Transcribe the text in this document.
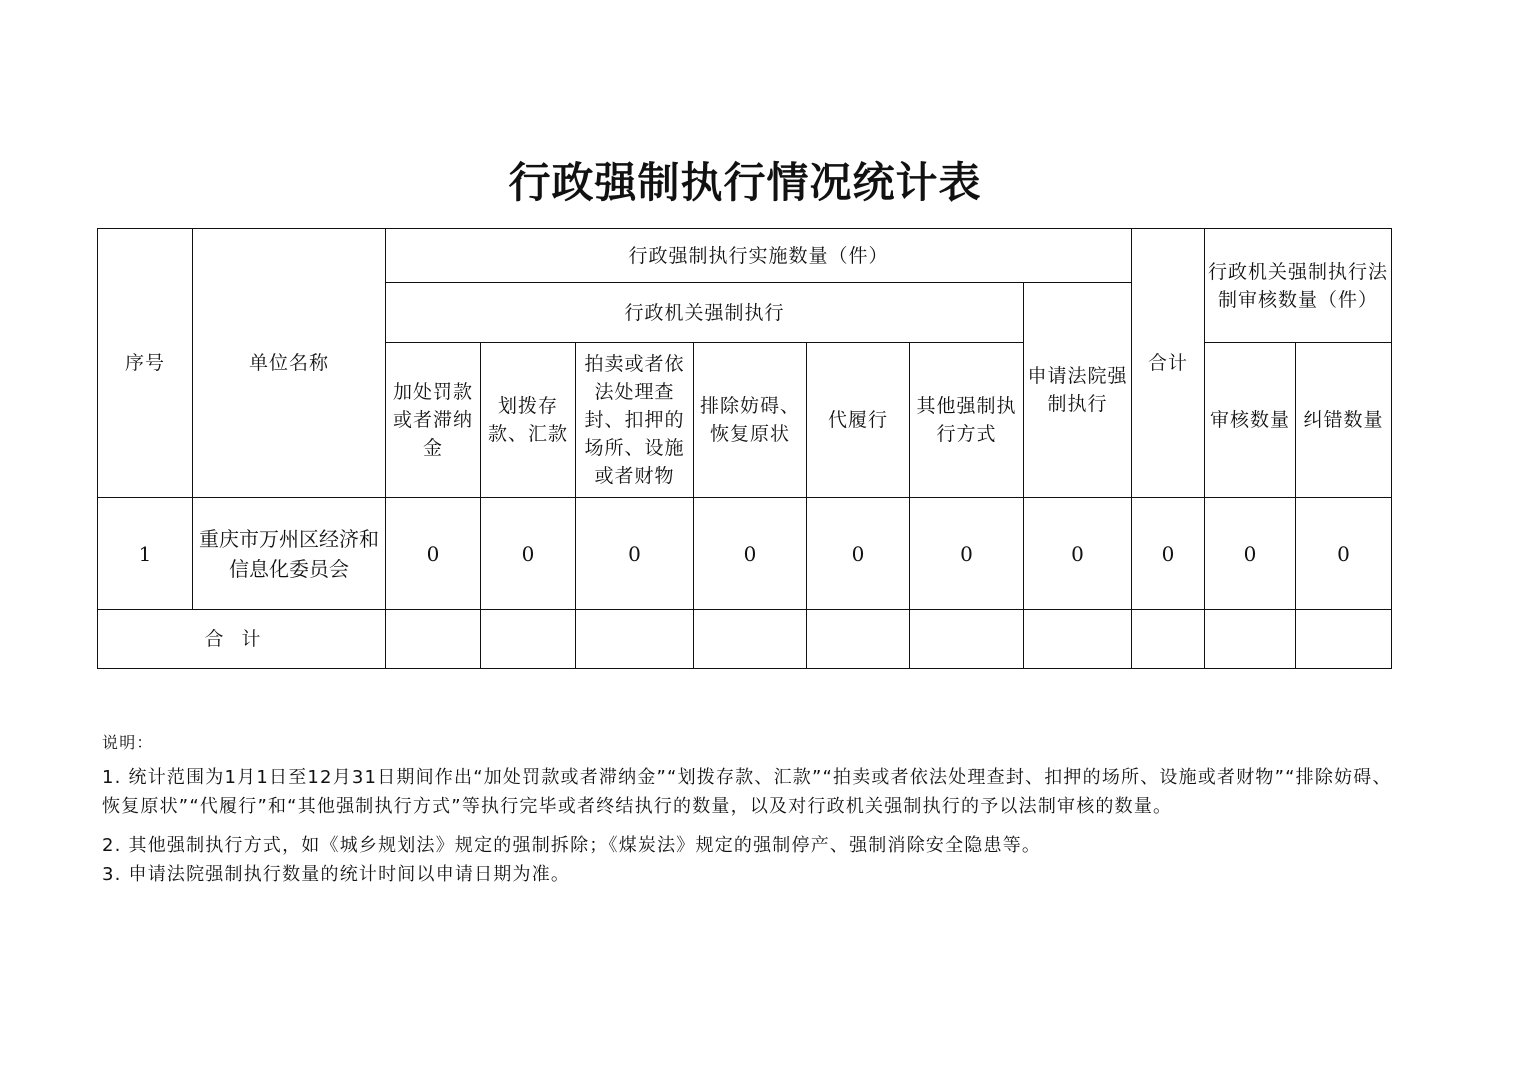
行政强制执行情况统计表
序号	单位名称	行政强制执行实施数量（件）							合计	行政机关强制执行法制审核数量（件）	
		行政机关强制执行						申请法院强制执行			
		加处罚款或者滞纳金	划拨存款、汇款	拍卖或者依法处理查封、扣押的场所、设施或者财物	排除妨碍、恢复原状	代履行	其他强制执行方式			审核数量	纠错数量
1	重庆市万州区经济和信息化委员会	0	0	0	0	0	0	0	0	0	0
合计											

说明：

1. 统计范围为1月1日至12月31日期间作出“加处罚款或者滞纳金”“划拨存款、汇款”“拍卖或者依法处理查封、扣押的场所、设施或者财物”“排除妨碍、恢复原状”“代履行”和“其他强制执行方式”等执行完毕或者终结执行的数量，以及对行政机关强制执行的予以法制审核的数量。

2. 其他强制执行方式，如《城乡规划法》规定的强制拆除；《煤炭法》规定的强制停产、强制消除安全隐患等。

3. 申请法院强制执行数量的统计时间以申请日期为准。
